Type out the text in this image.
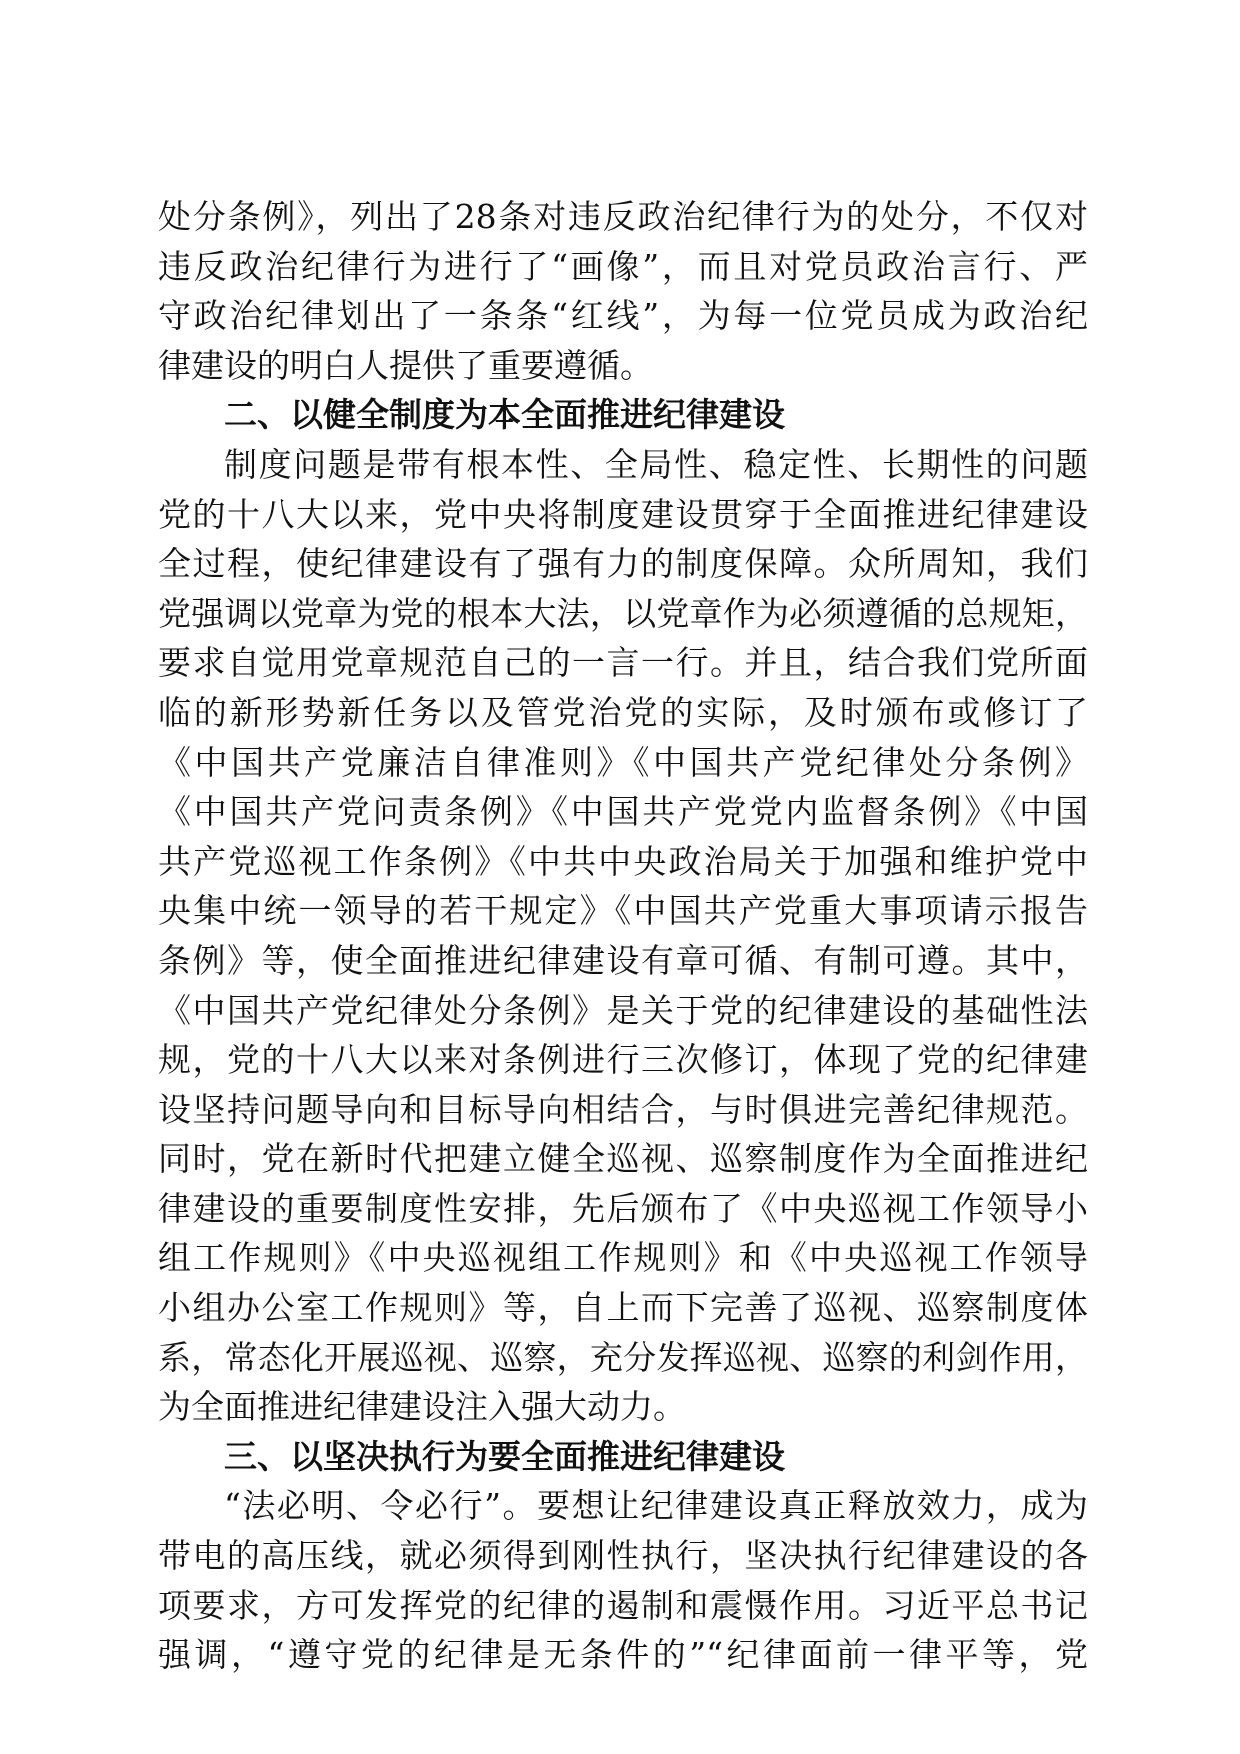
处分条例》，列出了28条对违反政治纪律行为的处分，不仅对
违反政治纪律行为进行了“画像”，而且对党员政治言行、严
守政治纪律划出了一条条“红线”，为每一位党员成为政治纪
律建设的明白人提供了重要遵循。
二、以健全制度为本全面推进纪律建设
制度问题是带有根本性、全局性、稳定性、长期性的问题
党的十八大以来，党中央将制度建设贯穿于全面推进纪律建设
全过程，使纪律建设有了强有力的制度保障。众所周知，我们
党强调以党章为党的根本大法，以党章作为必须遵循的总规矩，
要求自觉用党章规范自己的一言一行。并且，结合我们党所面
临的新形势新任务以及管党治党的实际，及时颁布或修订了
《中国共产党廉洁自律准则》《中国共产党纪律处分条例》
《中国共产党问责条例》《中国共产党党内监督条例》《中国
共产党巡视工作条例》《中共中央政治局关于加强和维护党中
央集中统一领导的若干规定》《中国共产党重大事项请示报告
条例》等，使全面推进纪律建设有章可循、有制可遵。其中，
《中国共产党纪律处分条例》是关于党的纪律建设的基础性法
规，党的十八大以来对条例进行三次修订，体现了党的纪律建
设坚持问题导向和目标导向相结合，与时俱进完善纪律规范。
同时，党在新时代把建立健全巡视、巡察制度作为全面推进纪
律建设的重要制度性安排，先后颁布了《中央巡视工作领导小
组工作规则》《中央巡视组工作规则》和《中央巡视工作领导
小组办公室工作规则》等，自上而下完善了巡视、巡察制度体
系，常态化开展巡视、巡察，充分发挥巡视、巡察的利剑作用，
为全面推进纪律建设注入强大动力。
三、以坚决执行为要全面推进纪律建设
“法必明、令必行”。要想让纪律建设真正释放效力，成为
带电的高压线，就必须得到刚性执行，坚决执行纪律建设的各
项要求，方可发挥党的纪律的遏制和震慑作用。习近平总书记
强调，“遵守党的纪律是无条件的”“纪律面前一律平等，党
